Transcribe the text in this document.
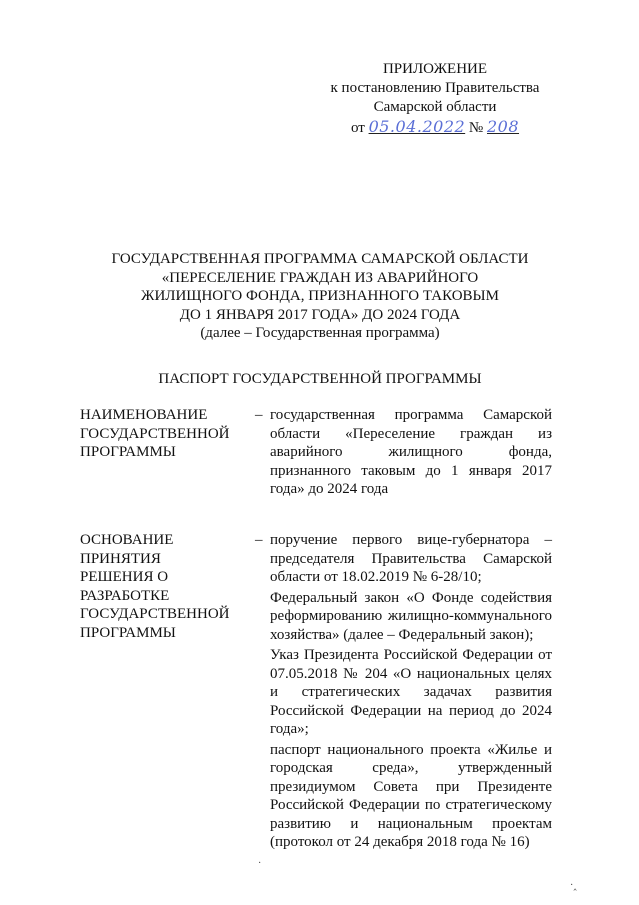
ПРИЛОЖЕНИЕ
к постановлению Правительства
Самарской области
от 05.04.2022 № 208
ГОСУДАРСТВЕННАЯ ПРОГРАММА САМАРСКОЙ ОБЛАСТИ
«ПЕРЕСЕЛЕНИЕ ГРАЖДАН ИЗ АВАРИЙНОГО
ЖИЛИЩНОГО ФОНДА, ПРИЗНАННОГО ТАКОВЫМ
ДО 1 ЯНВАРЯ 2017 ГОДА» ДО 2024 ГОДА
(далее – Государственная программа)
ПАСПОРТ ГОСУДАРСТВЕННОЙ ПРОГРАММЫ
НАИМЕНОВАНИЕ
ГОСУДАРСТВЕННОЙ
ПРОГРАММЫ
– государственная программа Самарской области «Переселение граждан из аварийного жилищного фонда, признанного таковым до 1 января 2017 года» до 2024 года

ОСНОВАНИЕ
ПРИНЯТИЯ
РЕШЕНИЯ О
РАЗРАБОТКЕ
ГОСУДАРСТВЕННОЙ
ПРОГРАММЫ
– поручение первого вице-губернатора – председателя Правительства Самарской области от 18.02.2019 № 6-28/10;

Федеральный закон «О Фонде содействия реформированию жилищно-коммунального хозяйства» (далее – Федеральный закон);

Указ Президента Российской Федерации от 07.05.2018 № 204 «О национальных целях и стратегических задачах развития Российской Федерации на период до 2024 года»;

паспорт национального проекта «Жилье и городская среда», утвержденный президиумом Совета при Президенте Российской Федерации по стратегическому развитию и национальным проектам (протокол от 24 декабря 2018 года № 16)

·
·‸
